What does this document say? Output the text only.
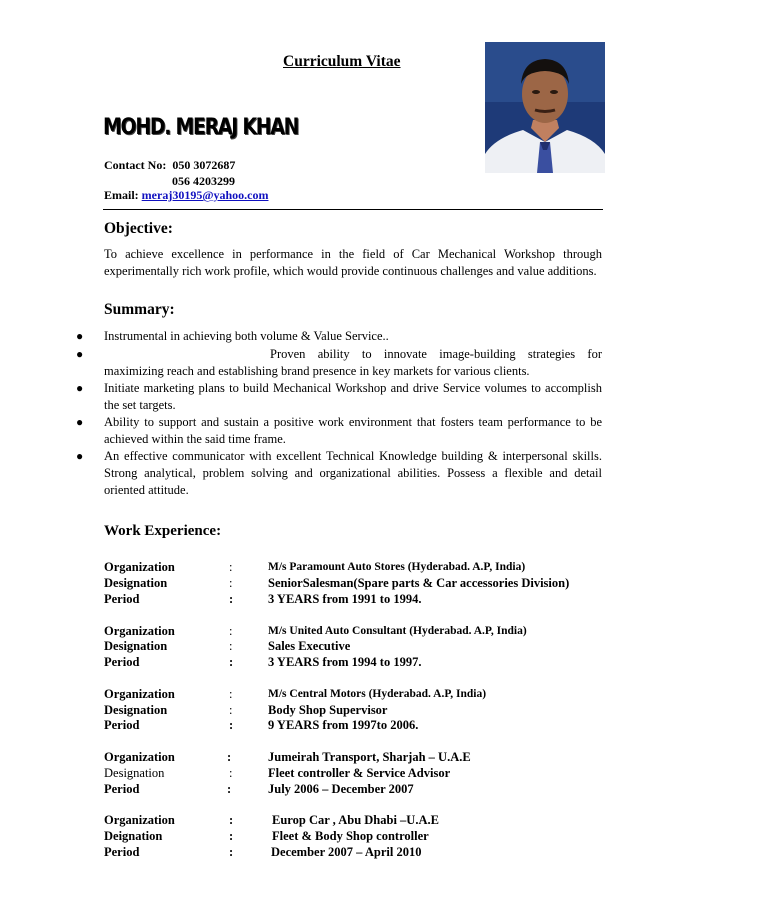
Curriculum Vitae
MOHD. MERAJ KHAN
Contact No: 050 3072687
056 4203299
Email: meraj30195@yahoo.com
Objective:
To achieve excellence in performance in the field of Car Mechanical Workshop through experimentally rich work profile, which would provide continuous challenges and value additions.
Summary:
● Instrumental in achieving both volume & Value Service..
●	Proven ability to innovate image-building strategies for maximizing reach and establishing brand presence in key markets for various clients.
● Initiate marketing plans to build Mechanical Workshop and drive Service volumes to accomplish the set targets.
● Ability to support and sustain a positive work environment that fosters team performance to be achieved within the said time frame.
● An effective communicator with excellent Technical Knowledge building & interpersonal skills. Strong analytical, problem solving and organizational abilities. Possess a flexible and detail oriented attitude.
Work Experience:
Organization	:	M/s Paramount Auto Stores (Hyderabad. A.P, India)
Designation	:	SeniorSalesman(Spare parts & Car accessories Division)
Period	:	3 YEARS from 1991 to 1994.
Organization	:	M/s United Auto Consultant (Hyderabad. A.P, India)
Designation	:	Sales Executive
Period	:	3 YEARS from 1994 to 1997.
Organization	:	M/s Central Motors (Hyderabad. A.P, India)
Designation	:	Body Shop Supervisor
Period	:	9 YEARS from 1997to 2006.
Organization	:	Jumeirah Transport, Sharjah – U.A.E
Designation	:	Fleet controller & Service Advisor
Period	:	July 2006 – December 2007
Organization	:	Europ Car , Abu Dhabi –U.A.E
Deignation	:	Fleet & Body Shop controller
Period	:	December 2007 – April 2010
